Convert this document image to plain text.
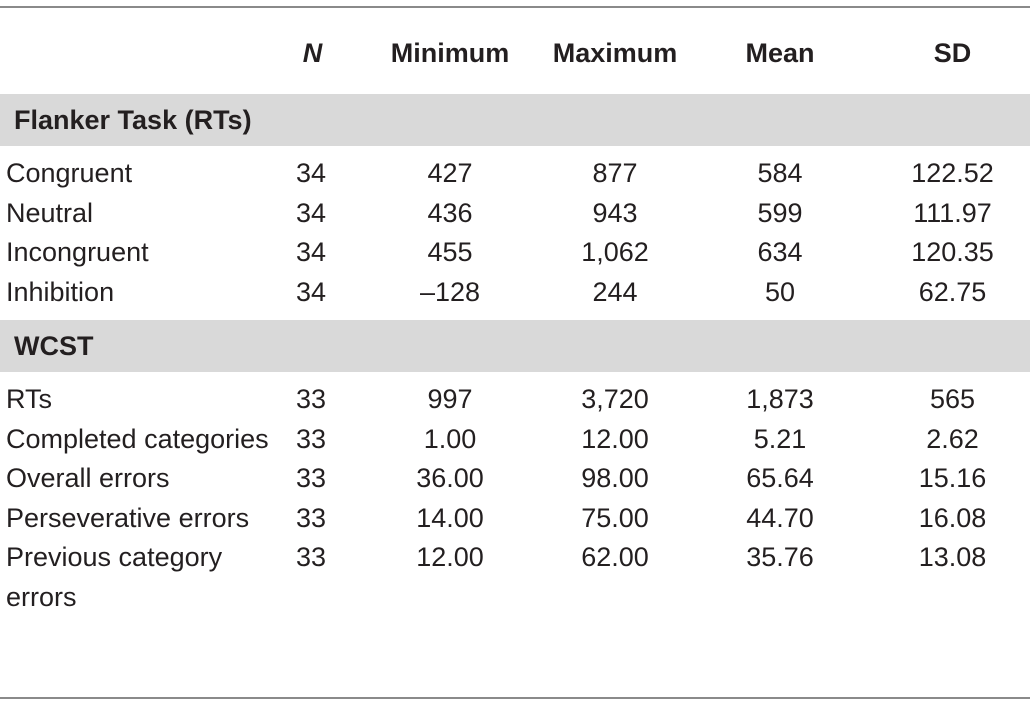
	N	Minimum	Maximum	Mean	SD
Flanker Task (RTs)					

Congruent	34	427	877	584	122.52
Neutral	34	436	943	599	111.97
Incongruent	34	455	1,062	634	120.35
Inhibition	34	–128	244	50	62.75

WCST					

RTs	33	997	3,720	1,873	565
Completed categories	33	1.00	12.00	5.21	2.62
Overall errors	33	36.00	98.00	65.64	15.16
Perseverative errors	33	14.00	75.00	44.70	16.08
Previous category errors	33	12.00	62.00	35.76	13.08
